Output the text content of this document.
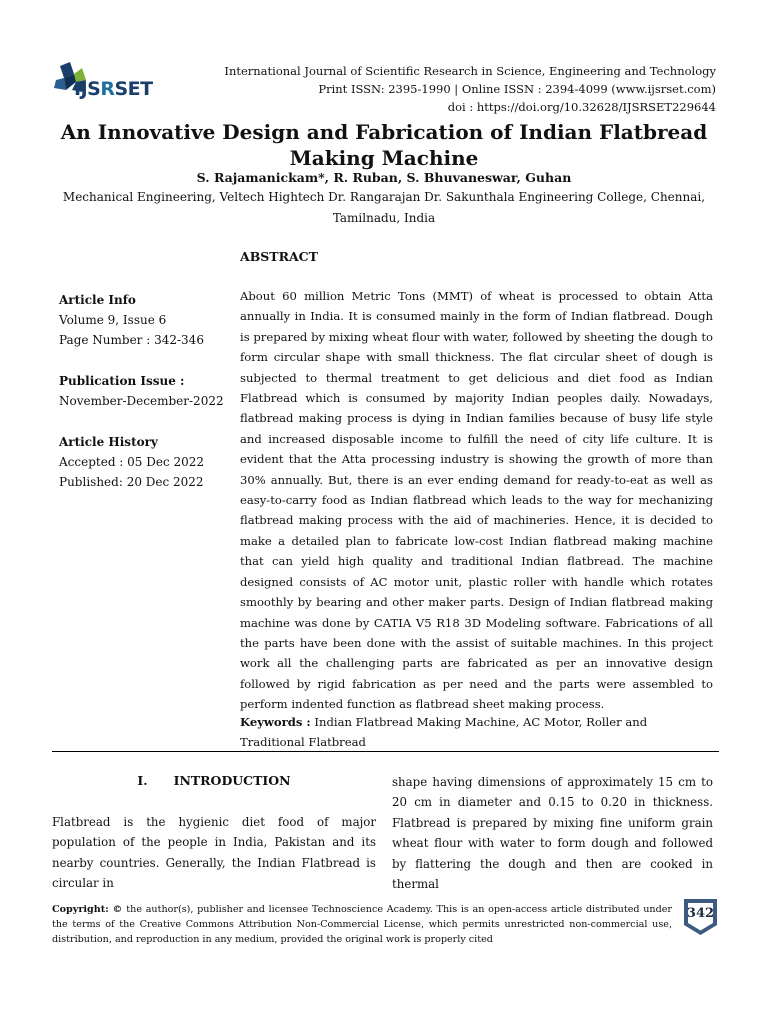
IJSRSET
International Journal of Scientific Research in Science, Engineering and Technology
Print ISSN: 2395-1990 | Online ISSN : 2394-4099 (www.ijsrset.com)
doi : https://doi.org/10.32628/IJSRSET229644
An Innovative Design and Fabrication of Indian Flatbread
Making Machine
S. Rajamanickam*, R. Ruban, S. Bhuvaneswar, Guhan
Mechanical Engineering, Veltech Hightech Dr. Rangarajan Dr. Sakunthala Engineering College, Chennai, Tamilnadu, India
ABSTRACT
Article Info
Volume 9, Issue 6
Page Number : 342-346
Publication Issue :
November-December-2022
Article History
Accepted : 05 Dec 2022
Published: 20 Dec 2022
About 60 million Metric Tons (MMT) of wheat is processed to obtain Atta annually in India. It is consumed mainly in the form of Indian flatbread. Dough is prepared by mixing wheat flour with water, followed by sheeting the dough to form circular shape with small thickness. The flat circular sheet of dough is subjected to thermal treatment to get delicious and diet food as Indian Flatbread which is consumed by majority Indian peoples daily. Nowadays, flatbread making process is dying in Indian families because of busy life style and increased disposable income to fulfill the need of city life culture. It is evident that the Atta processing industry is showing the growth of more than 30% annually. But, there is an ever ending demand for ready-to-eat as well as easy-to-carry food as Indian flatbread which leads to the way for mechanizing flatbread making process with the aid of machineries. Hence, it is decided to make a detailed plan to fabricate low-cost Indian flatbread making machine that can yield high quality and traditional Indian flatbread. The machine designed consists of AC motor unit, plastic roller with handle which rotates smoothly by bearing and other maker parts. Design of Indian flatbread making machine was done by CATIA V5 R18 3D Modeling software. Fabrications of all the parts have been done with the assist of suitable machines. In this project work all the challenging parts are fabricated as per an innovative design followed by rigid fabrication as per need and the parts were assembled to perform indented function as flatbread sheet making process.
Keywords : Indian Flatbread Making Machine, AC Motor, Roller and Traditional Flatbread
I. INTRODUCTION
Flatbread is the hygienic diet food of major population of the people in India, Pakistan and its nearby countries. Generally, the Indian Flatbread is circular in
shape having dimensions of approximately 15 cm to 20 cm in diameter and 0.15 to 0.20 in thickness. Flatbread is prepared by mixing fine uniform grain wheat flour with water to form dough and followed by flattering the dough and then are cooked in thermal
Copyright: © the author(s), publisher and licensee Technoscience Academy. This is an open-access article distributed under the terms of the Creative Commons Attribution Non-Commercial License, which permits unrestricted non-commercial use, distribution, and reproduction in any medium, provided the original work is properly cited
342
